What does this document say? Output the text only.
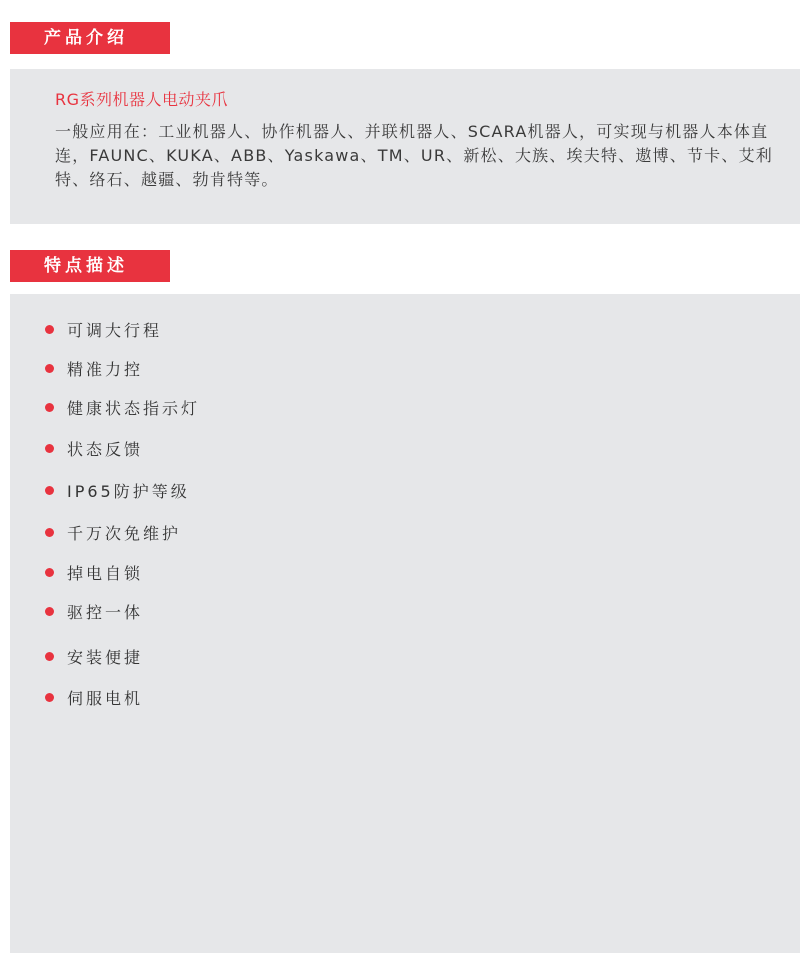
产品介绍
RG系列机器人电动夹爪
一般应用在：工业机器人、协作机器人、并联机器人、SCARA机器人，可实现与机器人本体直连，FAUNC、KUKA、ABB、Yaskawa、TM、UR、新松、大族、埃夫特、遨博、节卡、艾利特、络石、越疆、勃肯特等。
特点描述
可调大行程
精准力控
健康状态指示灯
状态反馈
IP65防护等级
千万次免维护
掉电自锁
驱控一体
安装便捷
伺服电机
